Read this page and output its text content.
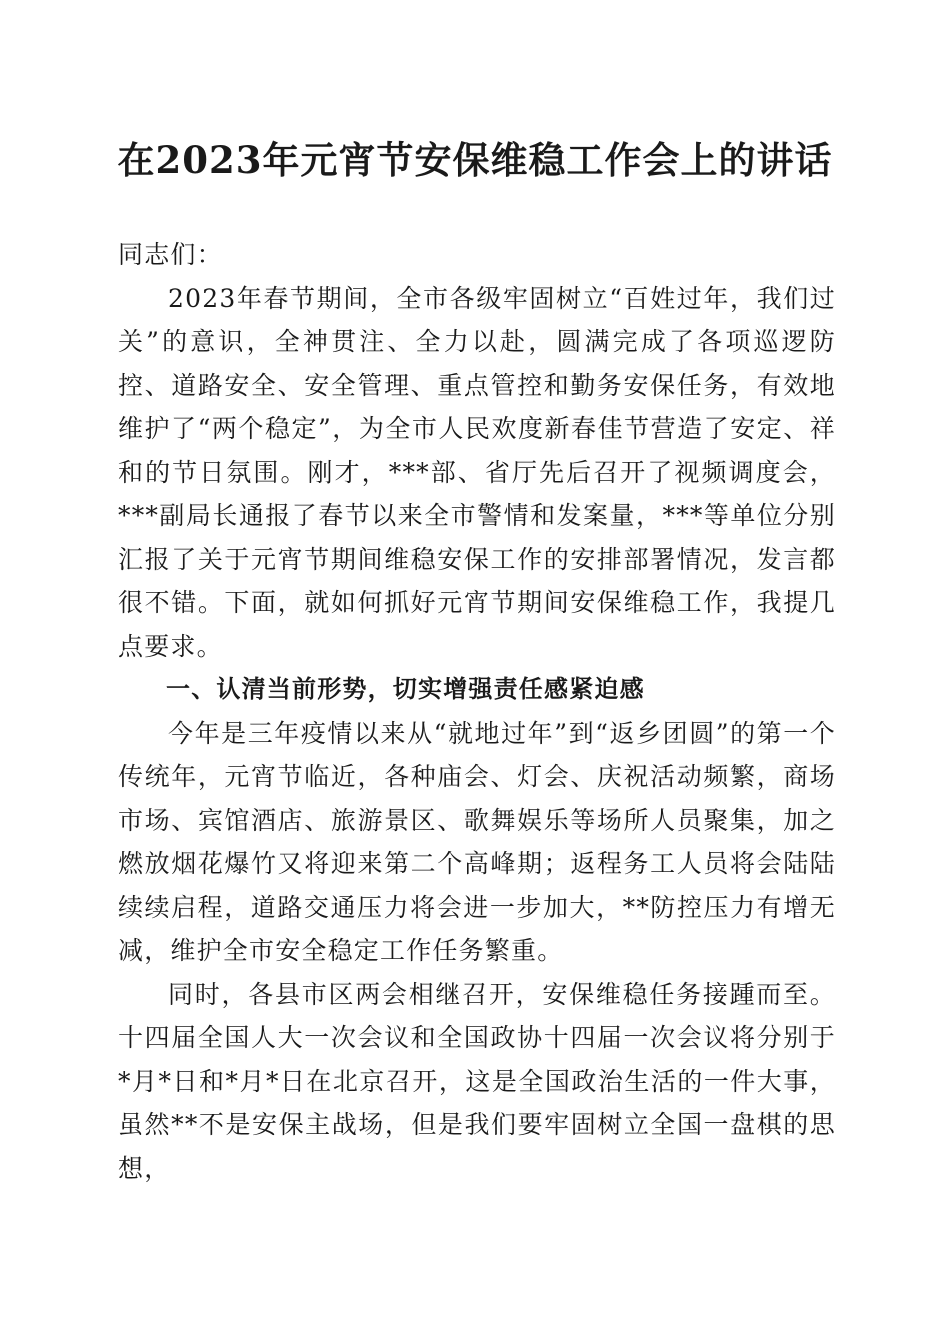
在2023年元宵节安保维稳工作会上的讲话

同志们：

2023年春节期间，全市各级牢固树立“百姓过年，我们过关”的意识，全神贯注、全力以赴，圆满完成了各项巡逻防控、道路安全、安全管理、重点管控和勤务安保任务，有效地维护了“两个稳定”，为全市人民欢度新春佳节营造了安定、祥和的节日氛围。刚才，***部、省厅先后召开了视频调度会，***副局长通报了春节以来全市警情和发案量，***等单位分别汇报了关于元宵节期间维稳安保工作的安排部署情况，发言都很不错。下面，就如何抓好元宵节期间安保维稳工作，我提几点要求。

一、认清当前形势，切实增强责任感紧迫感

今年是三年疫情以来从“就地过年”到“返乡团圆”的第一个传统年，元宵节临近，各种庙会、灯会、庆祝活动频繁，商场市场、宾馆酒店、旅游景区、歌舞娱乐等场所人员聚集，加之燃放烟花爆竹又将迎来第二个高峰期；返程务工人员将会陆陆续续启程，道路交通压力将会进一步加大，**防控压力有增无减，维护全市安全稳定工作任务繁重。

同时，各县市区两会相继召开，安保维稳任务接踵而至。十四届全国人大一次会议和全国政协十四届一次会议将分别于*月*日和*月*日在北京召开，这是全国政治生活的一件大事，虽然**不是安保主战场，但是我们要牢固树立全国一盘棋的思想，
